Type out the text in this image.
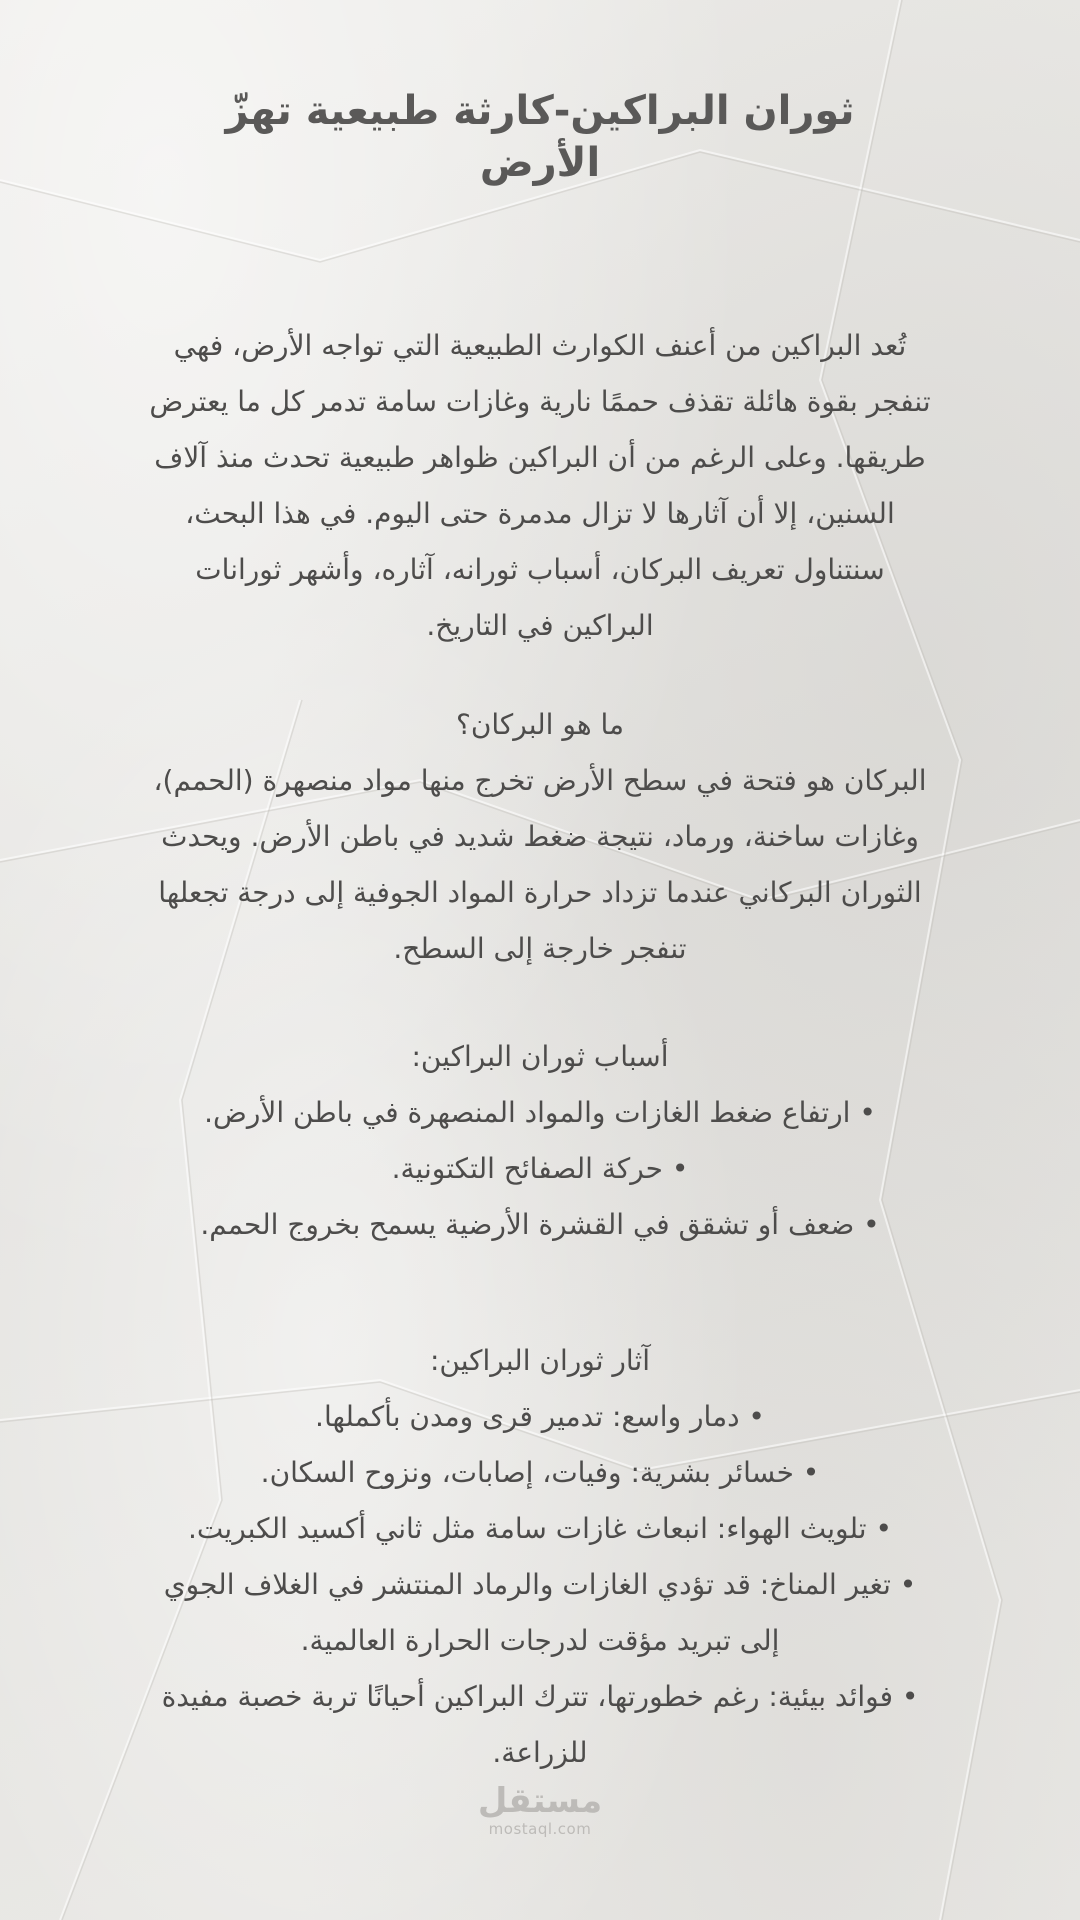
ثوران البراكين-كارثة طبيعية تهزّ
الأرض
تُعد البراكين من أعنف الكوارث الطبيعية التي تواجه الأرض، فهي
تنفجر بقوة هائلة تقذف حممًا نارية وغازات سامة تدمر كل ما يعترض
طريقها. وعلى الرغم من أن البراكين ظواهر طبيعية تحدث منذ آلاف
السنين، إلا أن آثارها لا تزال مدمرة حتى اليوم. في هذا البحث،
سنتناول تعريف البركان، أسباب ثورانه، آثاره، وأشهر ثورانات
البراكين في التاريخ.
ما هو البركان؟
البركان هو فتحة في سطح الأرض تخرج منها مواد منصهرة (الحمم)،
وغازات ساخنة، ورماد، نتيجة ضغط شديد في باطن الأرض. ويحدث
الثوران البركاني عندما تزداد حرارة المواد الجوفية إلى درجة تجعلها
تنفجر خارجة إلى السطح.
أسباب ثوران البراكين:
• ارتفاع ضغط الغازات والمواد المنصهرة في باطن الأرض.
• حركة الصفائح التكتونية.
• ضعف أو تشقق في القشرة الأرضية يسمح بخروج الحمم.
آثار ثوران البراكين:
• دمار واسع: تدمير قرى ومدن بأكملها.
• خسائر بشرية: وفيات، إصابات، ونزوح السكان.
• تلويث الهواء: انبعاث غازات سامة مثل ثاني أكسيد الكبريت.
• تغير المناخ: قد تؤدي الغازات والرماد المنتشر في الغلاف الجوي
إلى تبريد مؤقت لدرجات الحرارة العالمية.
• فوائد بيئية: رغم خطورتها، تترك البراكين أحيانًا تربة خصبة مفيدة
للزراعة.
مستقل
mostaql.com
